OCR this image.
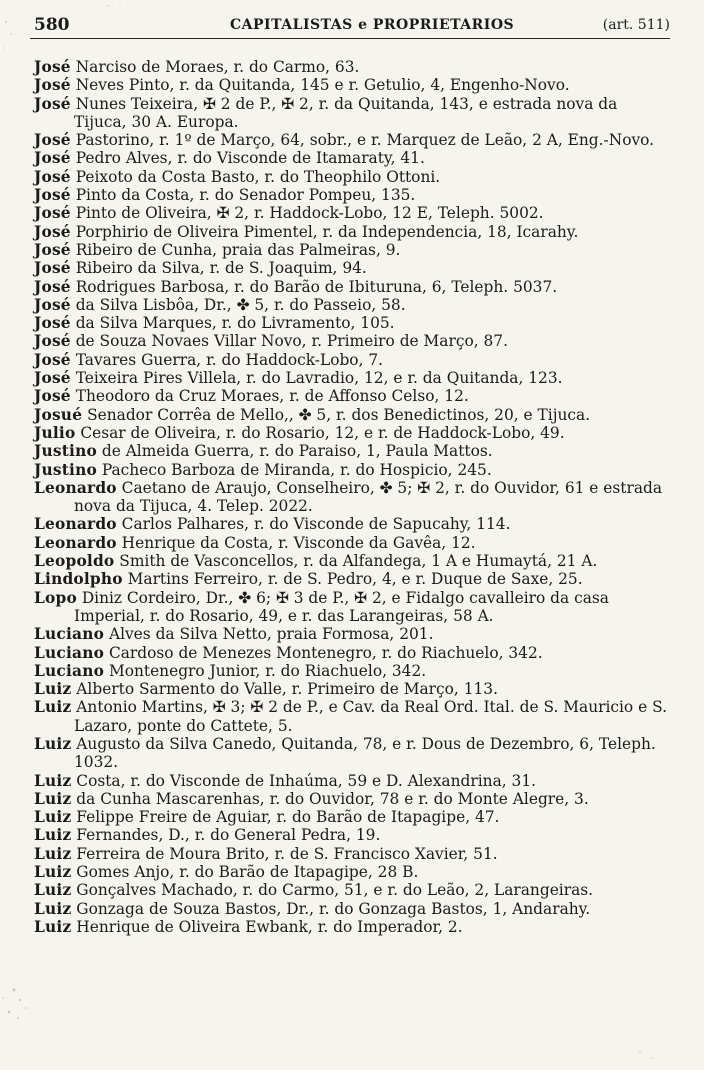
580	CAPITALISTAS e PROPRIETARIOS	(art. 511)

José Narciso de Moraes, r. do Carmo, 63.

José Neves Pinto, r. da Quitanda, 145 e r. Getulio, 4, Engenho-Novo.

José Nunes Teixeira, ✠ 2 de P., ✠ 2, r. da Quitanda, 143, e estrada nova da Tijuca, 30 A. Europa.

José Pastorino, r. 1º de Março, 64, sobr., e r. Marquez de Leão, 2 A, Eng.-Novo.

José Pedro Alves, r. do Visconde de Itamaraty, 41.

José Peixoto da Costa Basto, r. do Theophilo Ottoni.

José Pinto da Costa, r. do Senador Pompeu, 135.

José Pinto de Oliveira, ✠ 2, r. Haddock-Lobo, 12 E, Teleph. 5002.

José Porphirio de Oliveira Pimentel, r. da Independencia, 18, Icarahy.

José Ribeiro de Cunha, praia das Palmeiras, 9.

José Ribeiro da Silva, r. de S. Joaquim, 94.

José Rodrigues Barbosa, r. do Barão de Ibituruna, 6, Teleph. 5037.

José da Silva Lisbôa, Dr., ✤ 5, r. do Passeio, 58.

José da Silva Marques, r. do Livramento, 105.

José de Souza Novaes Villar Novo, r. Primeiro de Março, 87.

José Tavares Guerra, r. do Haddock-Lobo, 7.

José Teixeira Pires Villela, r. do Lavradio, 12, e r. da Quitanda, 123.

José Theodoro da Cruz Moraes, r. de Affonso Celso, 12.

Josué Senador Corrêa de Mello,, ✤ 5, r. dos Benedictinos, 20, e Tijuca.

Julio Cesar de Oliveira, r. do Rosario, 12, e r. de Haddock-Lobo, 49.

Justino de Almeida Guerra, r. do Paraiso, 1, Paula Mattos.

Justino Pacheco Barboza de Miranda, r. do Hospicio, 245.

Leonardo Caetano de Araujo, Conselheiro, ✤ 5; ✠ 2, r. do Ouvidor, 61 e estrada nova da Tijuca, 4. Telep. 2022.

Leonardo Carlos Palhares, r. do Visconde de Sapucahy, 114.

Leonardo Henrique da Costa, r. Visconde da Gavêa, 12.

Leopoldo Smith de Vasconcellos, r. da Alfandega, 1 A e Humaytá, 21 A.

Lindolpho Martins Ferreiro, r. de S. Pedro, 4, e r. Duque de Saxe, 25.

Lopo Diniz Cordeiro, Dr., ✤ 6; ✠ 3 de P., ✠ 2, e Fidalgo cavalleiro da casa Imperial, r. do Rosario, 49, e r. das Larangeiras, 58 A.

Luciano Alves da Silva Netto, praia Formosa, 201.

Luciano Cardoso de Menezes Montenegro, r. do Riachuelo, 342.

Luciano Montenegro Junior, r. do Riachuelo, 342.

Luiz Alberto Sarmento do Valle, r. Primeiro de Março, 113.

Luiz Antonio Martins, ✠ 3; ✠ 2 de P., e Cav. da Real Ord. Ital. de S. Mauricio e S. Lazaro, ponte do Cattete, 5.

Luiz Augusto da Silva Canedo, Quitanda, 78, e r. Dous de Dezembro, 6, Teleph. 1032.

Luiz Costa, r. do Visconde de Inhaúma, 59 e D. Alexandrina, 31.

Luiz da Cunha Mascarenhas, r. do Ouvidor, 78 e r. do Monte Alegre, 3.

Luiz Felippe Freire de Aguiar, r. do Barão de Itapagipe, 47.

Luiz Fernandes, D., r. do General Pedra, 19.

Luiz Ferreira de Moura Brito, r. de S. Francisco Xavier, 51.

Luiz Gomes Anjo, r. do Barão de Itapagipe, 28 B.

Luiz Gonçalves Machado, r. do Carmo, 51, e r. do Leão, 2, Larangeiras.

Luiz Gonzaga de Souza Bastos, Dr., r. do Gonzaga Bastos, 1, Andarahy.

Luiz Henrique de Oliveira Ewbank, r. do Imperador, 2.
